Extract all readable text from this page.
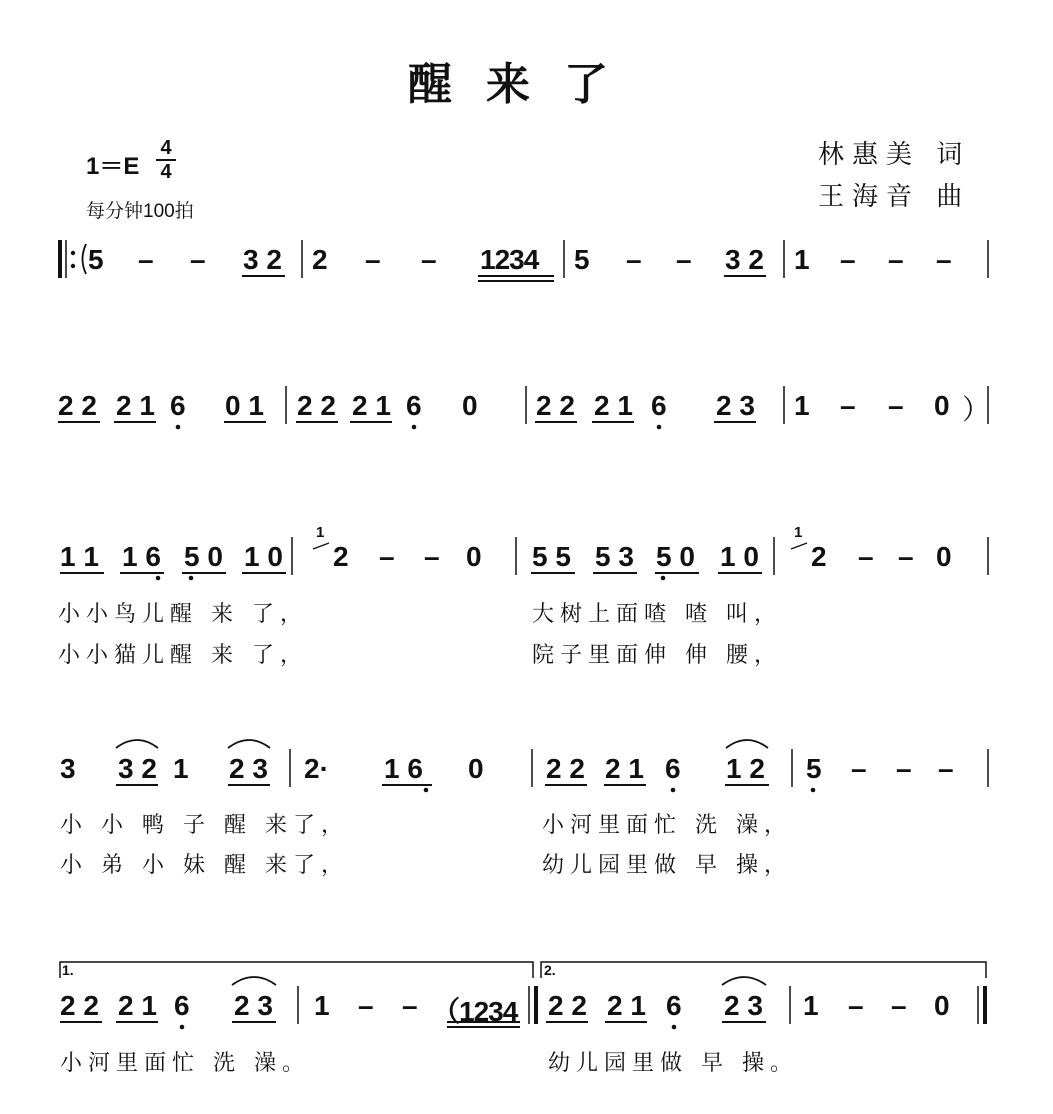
醒来了
1＝E
4
4
每分钟100拍
林惠美 词
王海音 曲
5 – – 3 2 2 – – 1234 5 – – 3 2 1 – – –
2 2 2 1 6 0 1 2 2 2 1 6 0 2 2 2 1 6 2 3 1 – – 0 ）
1 1 1 6 5 0 1 0
1
2 – – 0 5 5 5 3 5 0 1 0
1
2 – – 0
小小鸟儿醒 来 了，	大树上面喳 喳 叫，
小小猫儿醒 来 了，	院子里面伸 伸 腰，
3 3 2 1 2 3 2· 1 6 0 2 2 2 1 6 1 2 5 – – –
小 小 鸭 子 醒 来了，	小河里面忙 洗 澡，
小 弟 小 妹 醒 来了，	幼儿园里做 早 操，
1.	2.
2 2 2 1 6 2 3 1 – – （1234 2 2 2 1 6 2 3 1 – – 0
小河里面忙 洗 澡。	幼儿园里做 早 操。
